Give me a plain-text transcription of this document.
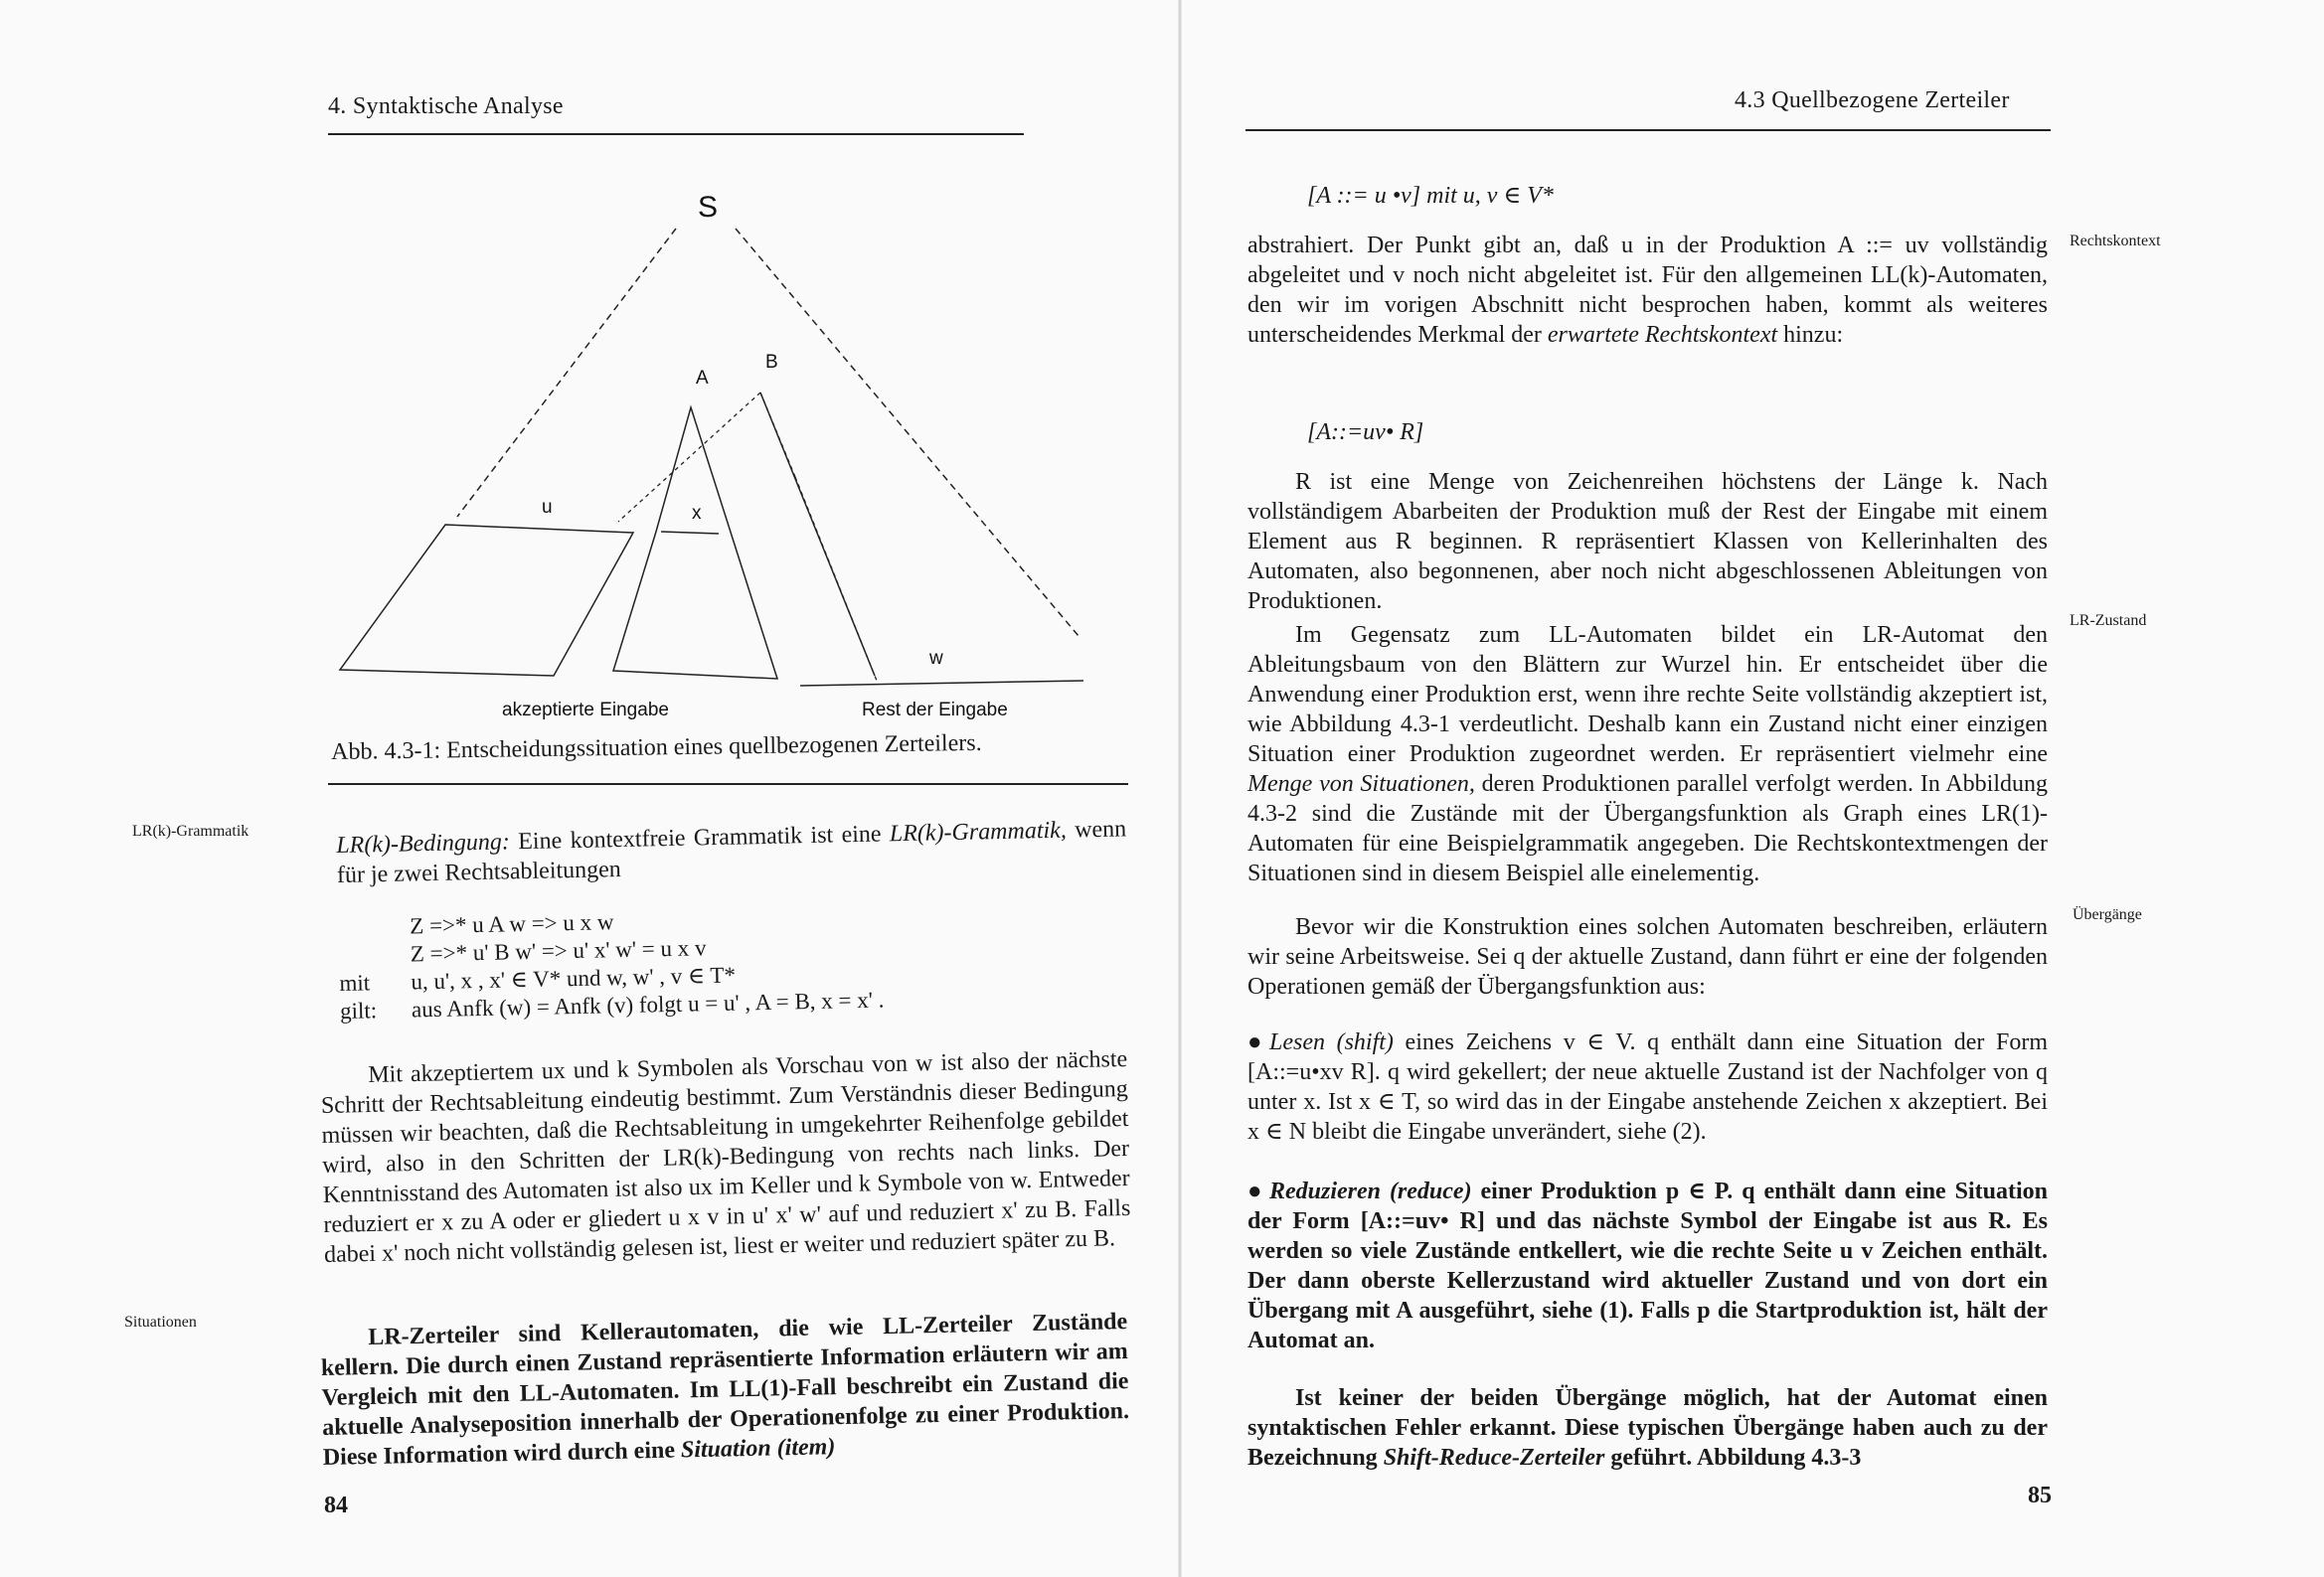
4. Syntaktische Analyse
S
A
B
u	x
w
akzeptierte Eingabe	Rest der Eingabe
Abb. 4.3-1: Entscheidungssituation eines quellbezogenen Zerteilers.
LR(k)-Grammatik	LR(k)-Bedingung: Eine kontextfreie Grammatik ist eine LR(k)-Grammatik, wenn für je zwei Rechtsableitungen

Z =>* u A w => u x w
Z =>* u' B w' => u' x' w' = u x v
mit u, u', x , x' ∈ V* und w, w' , v ∈ T*
gilt: aus Anfk (w) = Anfk (v) folgt u = u' , A = B, x = x' .

Mit akzeptiertem ux und k Symbolen als Vorschau von w ist also der nächste Schritt der Rechtsableitung eindeutig bestimmt. Zum Verständnis dieser Bedingung müssen wir beachten, daß die Rechtsableitung in umgekehrter Reihenfolge gebildet wird, also in den Schritten der LR(k)-Bedingung von rechts nach links. Der Kenntnisstand des Automaten ist also ux im Keller und k Symbole von w. Entweder reduziert er x zu A oder er gliedert u x v in u' x' w' auf und reduziert x' zu B. Falls dabei x' noch nicht vollständig gelesen ist, liest er weiter und reduziert später zu B.

Situationen	LR-Zerteiler sind Kellerautomaten, die wie LL-Zerteiler Zustände kellern. Die durch einen Zustand repräsentierte Information erläutern wir am Vergleich mit den LL-Automaten. Im LL(1)-Fall beschreibt ein Zustand die aktuelle Analyseposition innerhalb der Operationenfolge zu einer Produktion. Diese Information wird durch eine Situation (item)

84
4.3 Quellbezogene Zerteiler
[A ::= u •v] mit u, v ∈ V*
Rechtskontext

abstrahiert. Der Punkt gibt an, daß u in der Produktion A ::= uv vollständig abgeleitet und v noch nicht abgeleitet ist. Für den allgemeinen LL(k)-Automaten, den wir im vorigen Abschnitt nicht besprochen haben, kommt als weiteres unterscheidendes Merkmal der erwartete Rechtskontext hinzu:

[A::=uv• R]

R ist eine Menge von Zeichenreihen höchstens der Länge k. Nach vollständigem Abarbeiten der Produktion muß der Rest der Eingabe mit einem Element aus R beginnen. R repräsentiert Klassen von Kellerinhalten des Automaten, also begonnenen, aber noch nicht abgeschlossenen Ableitungen von Produktionen.

LR-Zustand

Im Gegensatz zum LL-Automaten bildet ein LR-Automat den Ableitungsbaum von den Blättern zur Wurzel hin. Er entscheidet über die Anwendung einer Produktion erst, wenn ihre rechte Seite vollständig akzeptiert ist, wie Abbildung 4.3-1 verdeutlicht. Deshalb kann ein Zustand nicht einer einzigen Situation einer Produktion zugeordnet werden. Er repräsentiert vielmehr eine Menge von Situationen, deren Produktionen parallel verfolgt werden. In Abbildung 4.3-2 sind die Zustände mit der Übergangsfunktion als Graph eines LR(1)-Automaten für eine Beispielgrammatik angegeben. Die Rechtskontextmengen der Situationen sind in diesem Beispiel alle einelementig.

Übergänge

Bevor wir die Konstruktion eines solchen Automaten beschreiben, erläutern wir seine Arbeitsweise. Sei q der aktuelle Zustand, dann führt er eine der folgenden Operationen gemäß der Übergangsfunktion aus:

● Lesen (shift) eines Zeichens v ∈ V. q enthält dann eine Situation der Form [A::=u•xv R]. q wird gekellert; der neue aktuelle Zustand ist der Nachfolger von q unter x. Ist x ∈ T, so wird das in der Eingabe anstehende Zeichen x akzeptiert. Bei x ∈ N bleibt die Eingabe unverändert, siehe (2).

● Reduzieren (reduce) einer Produktion p ∈ P. q enthält dann eine Situation der Form [A::=uv• R] und das nächste Symbol der Eingabe ist aus R. Es werden so viele Zustände entkellert, wie die rechte Seite u v Zeichen enthält. Der dann oberste Kellerzustand wird aktueller Zustand und von dort ein Übergang mit A ausgeführt, siehe (1). Falls p die Startproduktion ist, hält der Automat an.

Ist keiner der beiden Übergänge möglich, hat der Automat einen syntaktischen Fehler erkannt. Diese typischen Übergänge haben auch zu der Bezeichnung Shift-Reduce-Zerteiler geführt. Abbildung 4.3-3

85
